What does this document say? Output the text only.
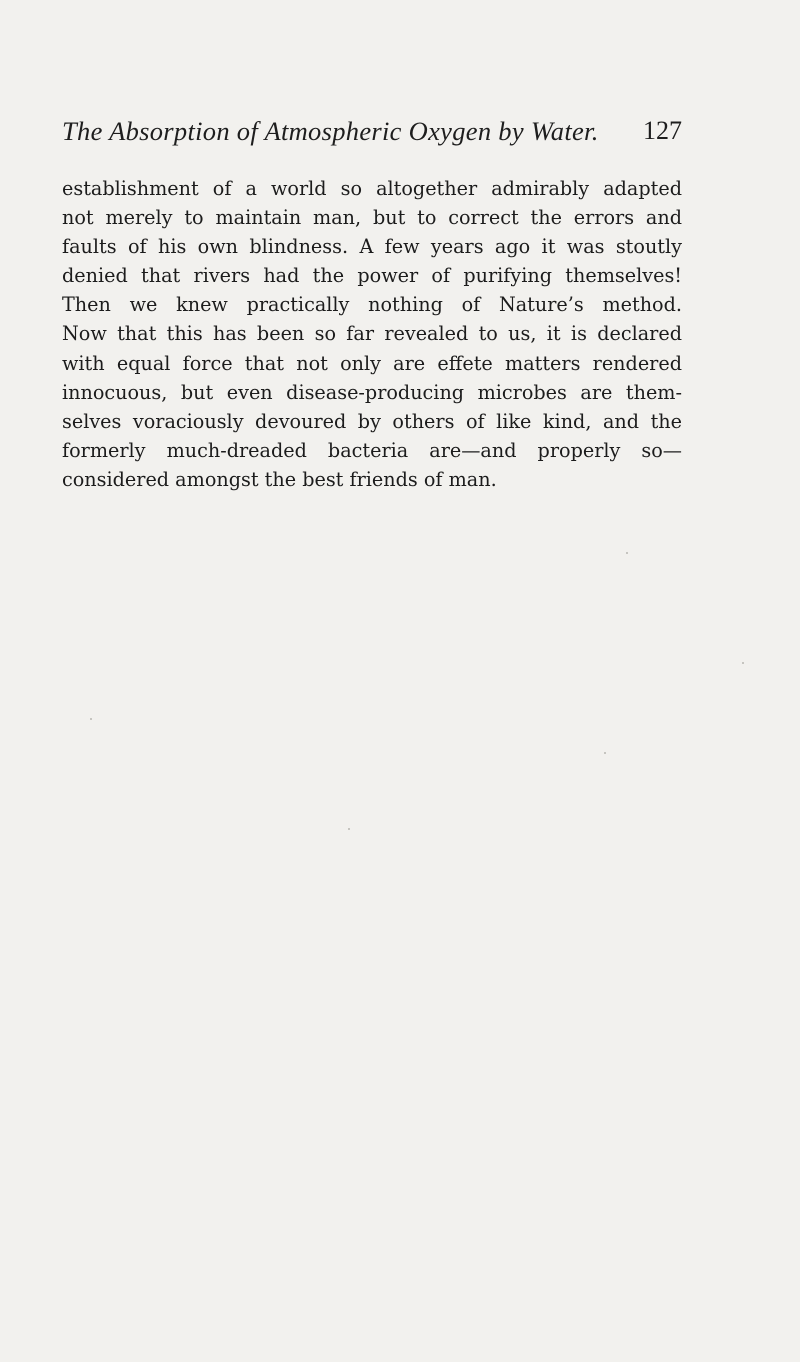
The Absorption of Atmospheric Oxygen by Water. 127
establishment of a world so altogether admirably adapted
not merely to maintain man, but to correct the errors and
faults of his own blindness. A few years ago it was stoutly
denied that rivers had the power of purifying themselves!
Then we knew practically nothing of Nature’s method.
Now that this has been so far revealed to us, it is declared
with equal force that not only are effete matters rendered
innocuous, but even disease-producing microbes are them-
selves voraciously devoured by others of like kind, and the
formerly much-dreaded bacteria are—and properly so—
considered amongst the best friends of man.
